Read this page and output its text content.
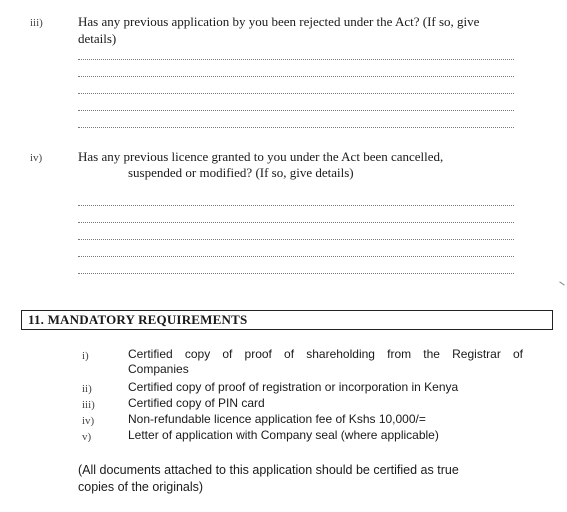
iii)	Has any previous application by you been rejected under the Act? (If so, give
details)
iv)	Has any previous licence granted to you under the Act been cancelled,
suspended or modified? (If so, give details)
11. MANDATORY REQUIREMENTS
i)	Certified copy of proof of shareholding from the Registrar of
Companies
ii)	Certified copy of proof of registration or incorporation in Kenya
iii)	Certified copy of PIN card
iv)	Non-refundable licence application fee of Kshs 10,000/=
v)	Letter of application with Company seal (where applicable)
(All documents attached to this application should be certified as true
copies of the originals)
